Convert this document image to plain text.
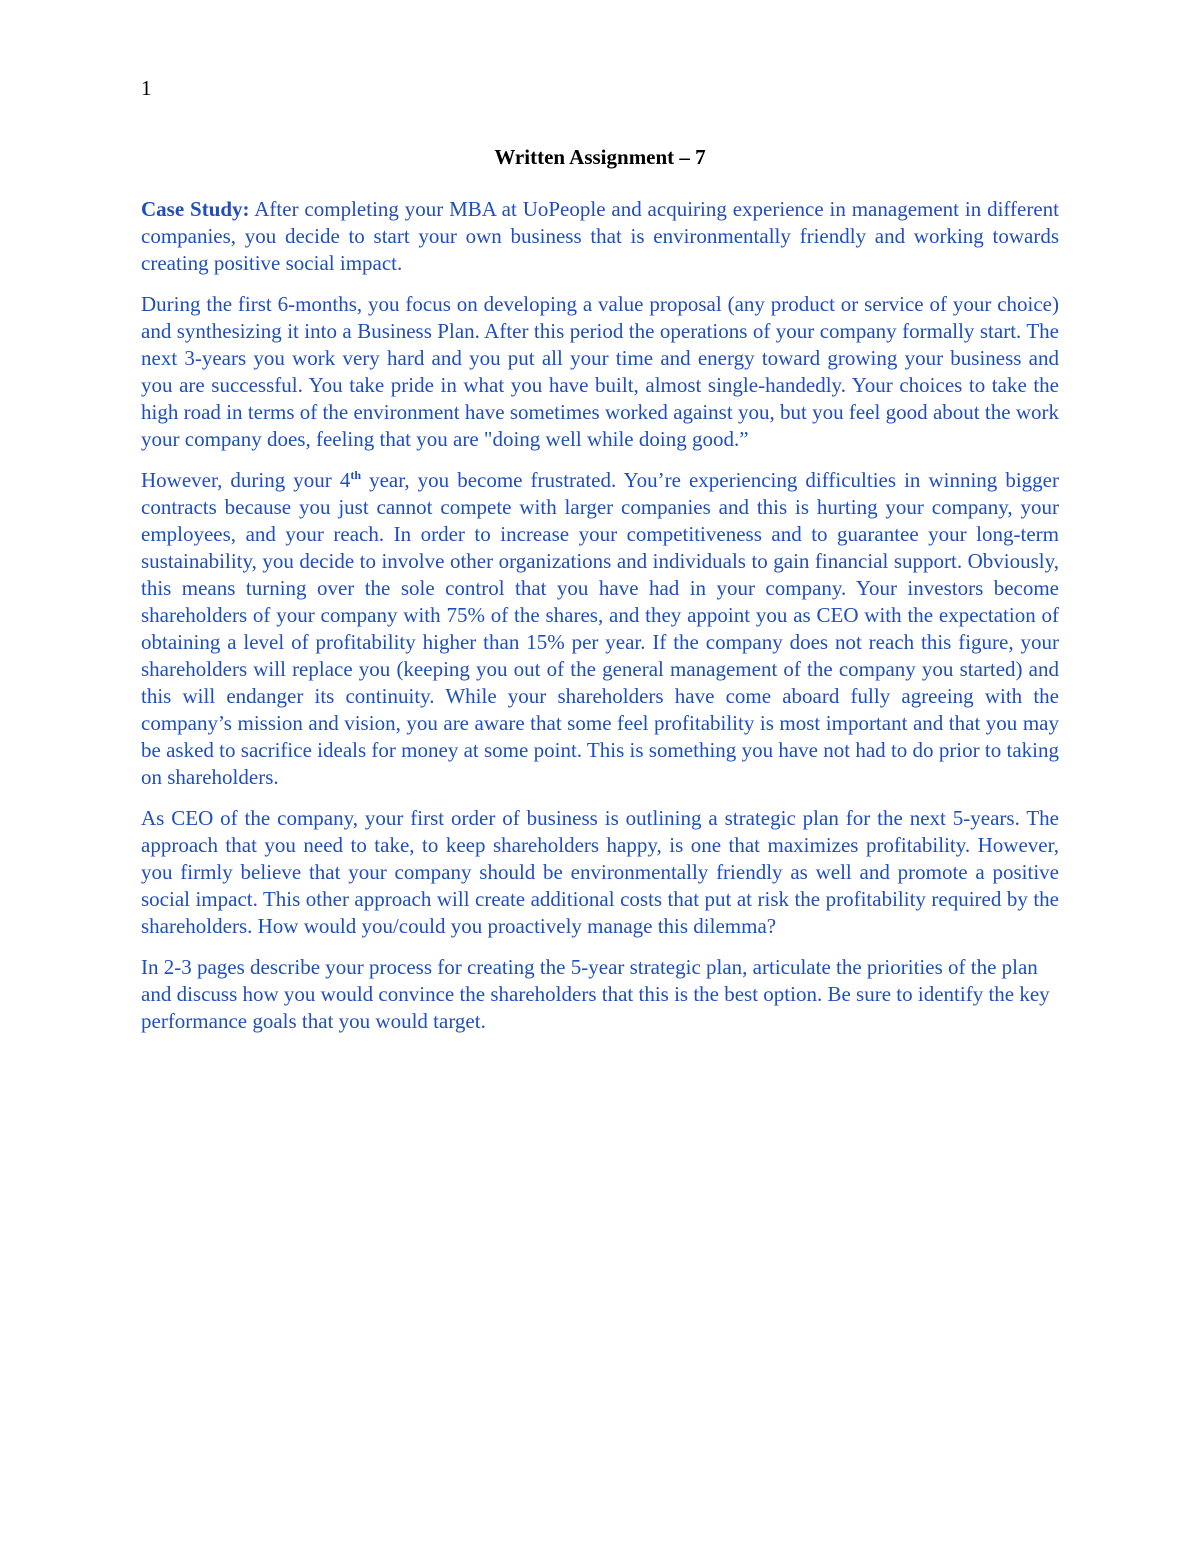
1
Written Assignment – 7

Case Study: After completing your MBA at UoPeople and acquiring experience in management in different companies, you decide to start your own business that is environmentally friendly and working towards creating positive social impact.

During the first 6-months, you focus on developing a value proposal (any product or service of your choice) and synthesizing it into a Business Plan. After this period the operations of your company formally start. The next 3-years you work very hard and you put all your time and energy toward growing your business and you are successful. You take pride in what you have built, almost single-handedly. Your choices to take the high road in terms of the environment have sometimes worked against you, but you feel good about the work your company does, feeling that you are "doing well while doing good.”

However, during your 4th year, you become frustrated. You’re experiencing difficulties in winning bigger contracts because you just cannot compete with larger companies and this is hurting your company, your employees, and your reach. In order to increase your competitiveness and to guarantee your long-term sustainability, you decide to involve other organizations and individuals to gain financial support. Obviously, this means turning over the sole control that you have had in your company. Your investors become shareholders of your company with 75% of the shares, and they appoint you as CEO with the expectation of obtaining a level of profitability higher than 15% per year. If the company does not reach this figure, your shareholders will replace you (keeping you out of the general management of the company you started) and this will endanger its continuity. While your shareholders have come aboard fully agreeing with the company’s mission and vision, you are aware that some feel profitability is most important and that you may be asked to sacrifice ideals for money at some point. This is something you have not had to do prior to taking on shareholders.

As CEO of the company, your first order of business is outlining a strategic plan for the next 5-years. The approach that you need to take, to keep shareholders happy, is one that maximizes profitability. However, you firmly believe that your company should be environmentally friendly as well and promote a positive social impact. This other approach will create additional costs that put at risk the profitability required by the shareholders. How would you/could you proactively manage this dilemma?

In 2-3 pages describe your process for creating the 5-year strategic plan, articulate the priorities of the plan and discuss how you would convince the shareholders that this is the best option. Be sure to identify the key performance goals that you would target.
